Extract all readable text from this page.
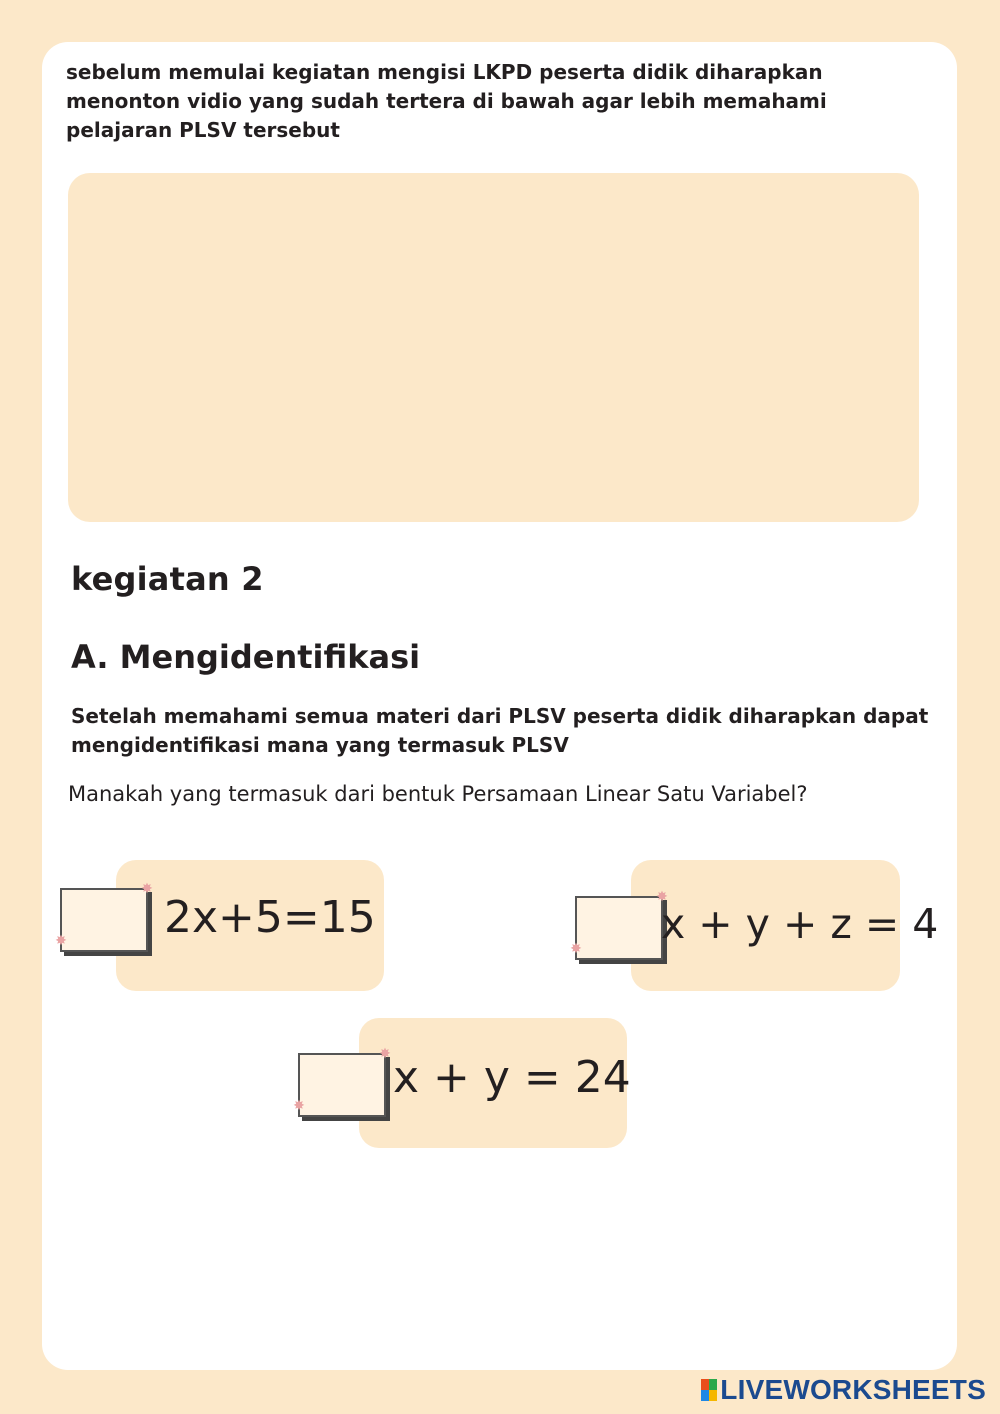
sebelum memulai kegiatan mengisi LKPD peserta didik diharapkan menonton vidio yang sudah tertera di bawah agar lebih memahami pelajaran PLSV tersebut

kegiatan 2
A. Mengidentifikasi

Setelah memahami semua materi dari PLSV peserta didik diharapkan dapat mengidentifikasi mana yang termasuk PLSV

Manakah yang termasuk dari bentuk Persamaan Linear Satu Variabel?

✸
✸ 2x+5=15	✸
✸
x + y + z = 4
✸
✸
x + y = 24
LIVEWORKSHEETS
